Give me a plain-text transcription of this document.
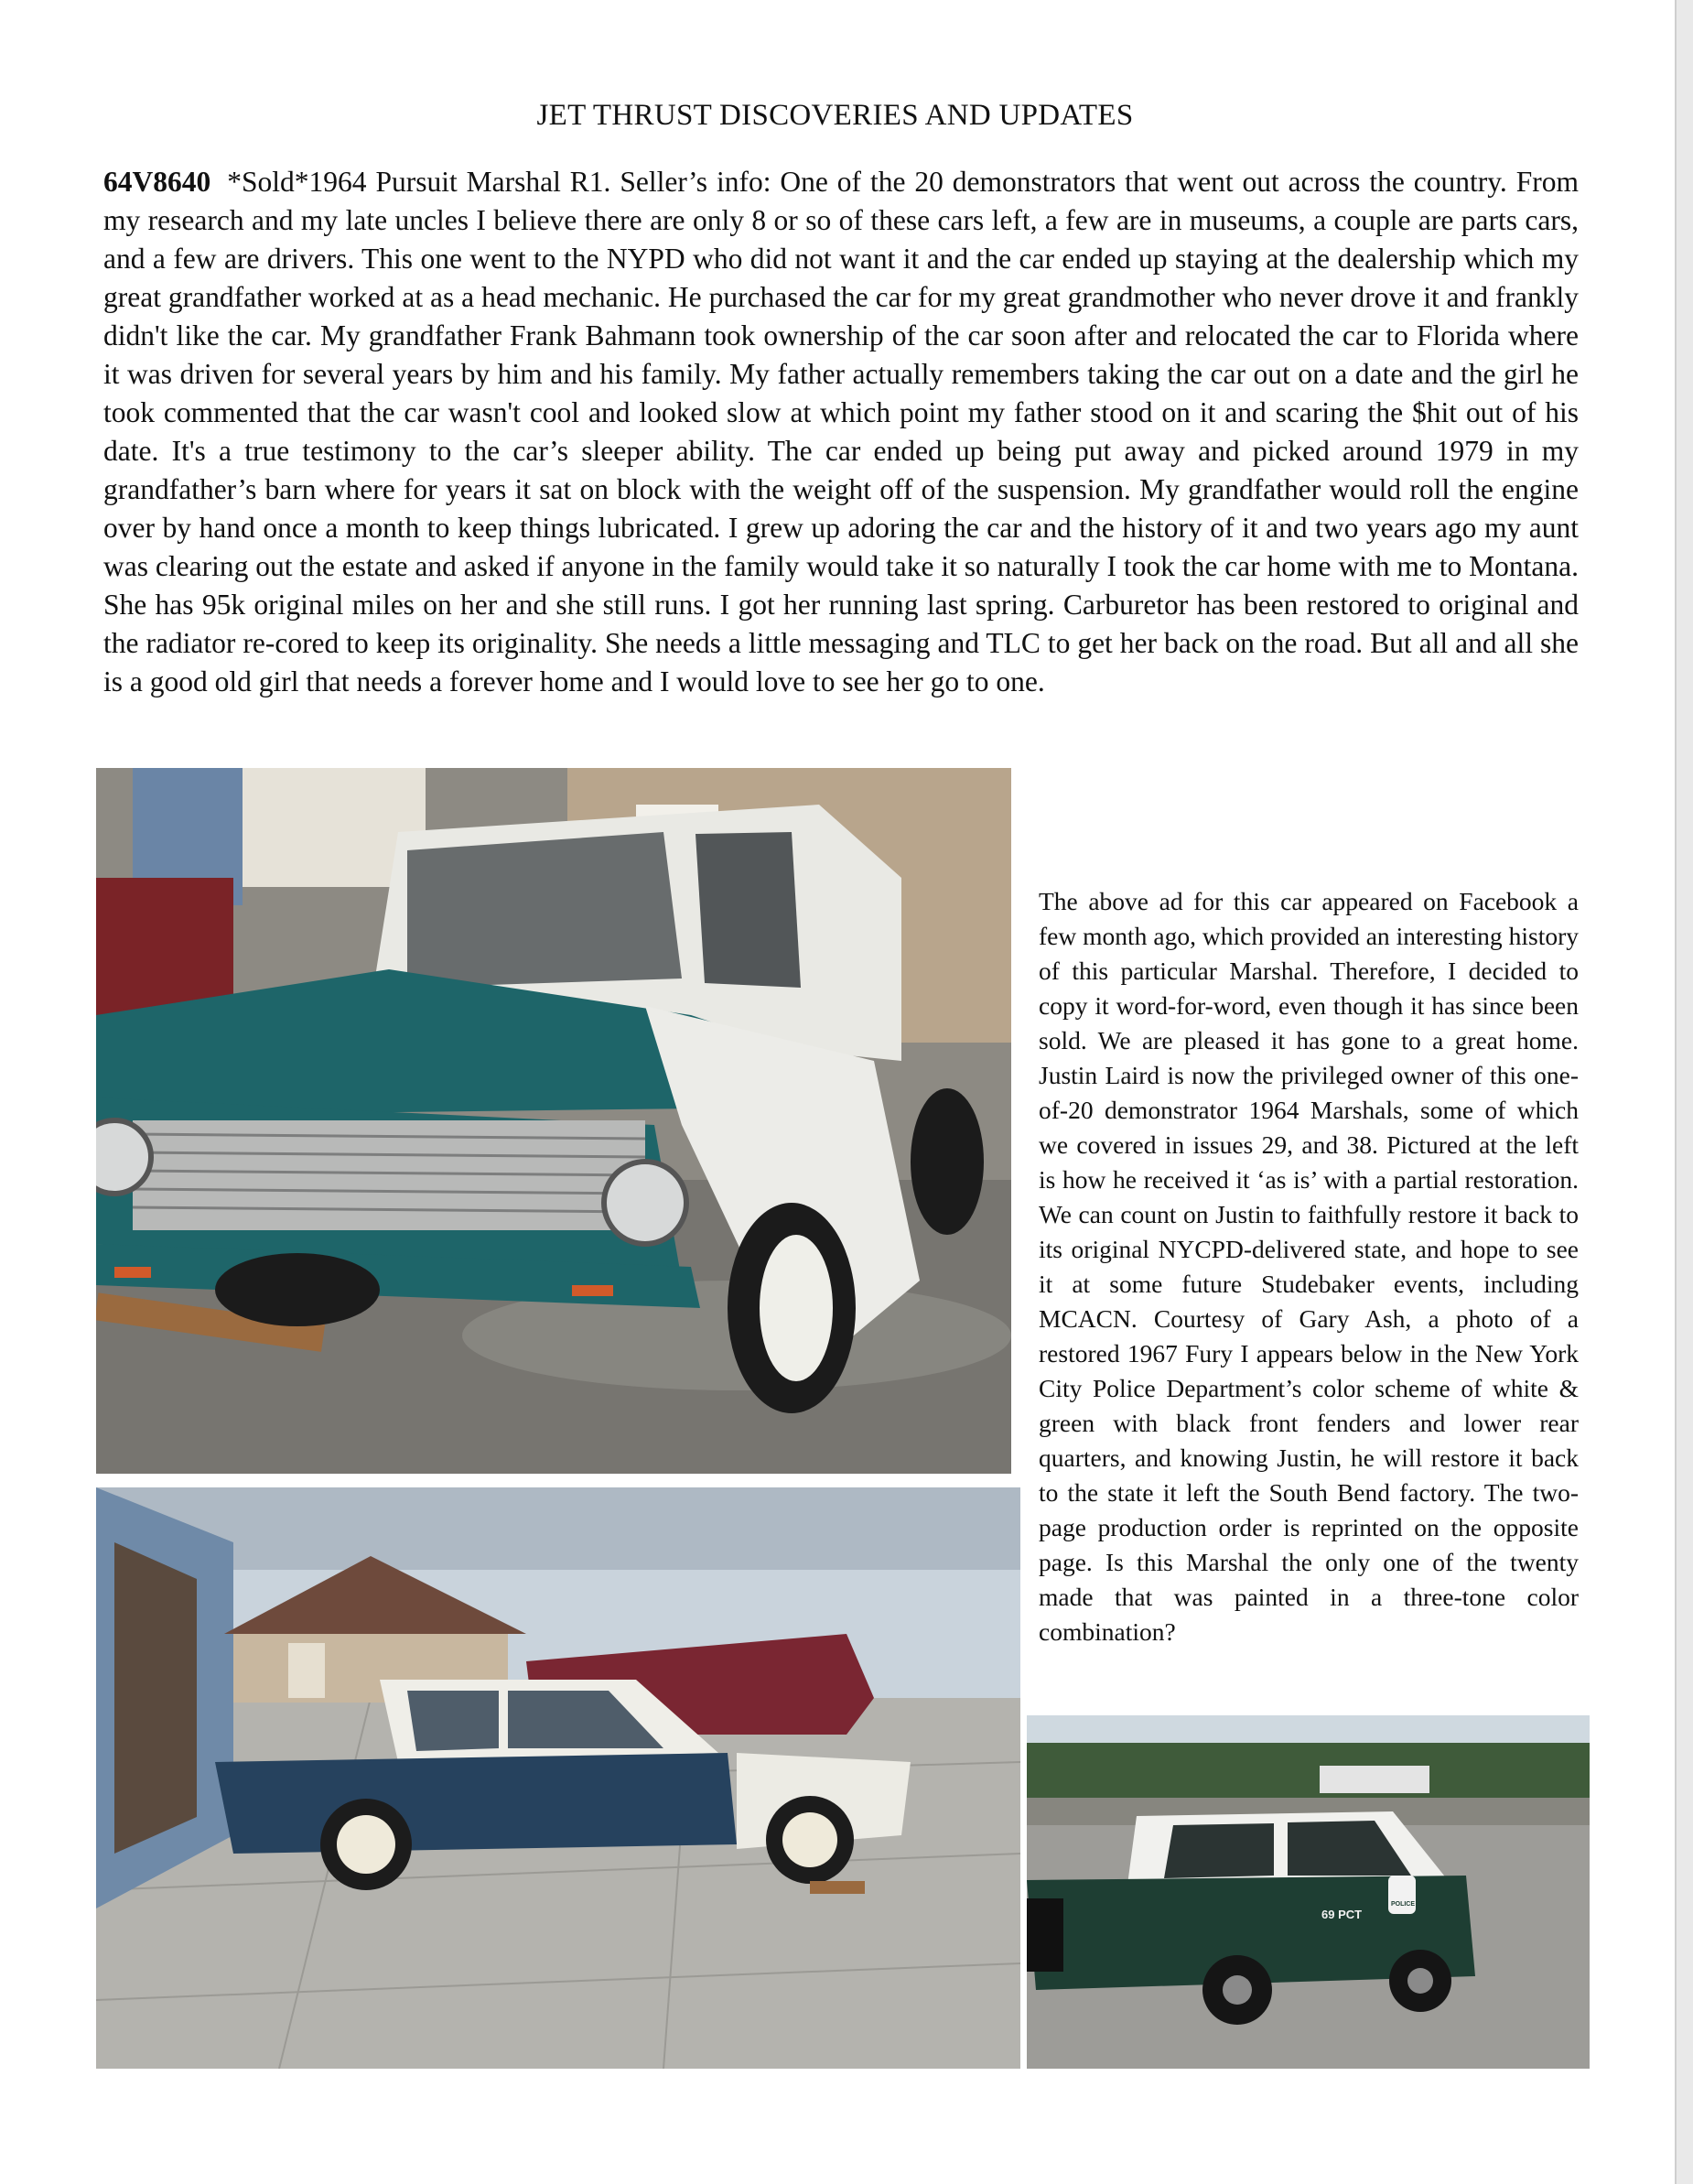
JET THRUST DISCOVERIES AND UPDATES
64V8640 *Sold*1964 Pursuit Marshal R1. Seller’s info: One of the 20 demonstrators that went out across the country. From my research and my late uncles I believe there are only 8 or so of these cars left, a few are in museums, a couple are parts cars, and a few are drivers. This one went to the NYPD who did not want it and the car ended up staying at the dealership which my great grandfather worked at as a head mechanic. He purchased the car for my great grandmother who never drove it and frankly didn't like the car. My grandfather Frank Bahmann took ownership of the car soon after and relocated the car to Florida where it was driven for several years by him and his family. My father actually remembers taking the car out on a date and the girl he took commented that the car wasn't cool and looked slow at which point my father stood on it and scaring the $hit out of his date. It's a true testimony to the car’s sleeper ability. The car ended up being put away and picked around 1979 in my grandfather’s barn where for years it sat on block with the weight off of the suspension. My grandfather would roll the engine over by hand once a month to keep things lubricated. I grew up adoring the car and the history of it and two years ago my aunt was clearing out the estate and asked if anyone in the family would take it so naturally I took the car home with me to Montana. She has 95k original miles on her and she still runs. I got her running last spring. Carburetor has been restored to original and the radiator re-cored to keep its originality. She needs a little messaging and TLC to get her back on the road. But all and all she is a good old girl that needs a forever home and I would love to see her go to one.
69 PCT
POLICE
The above ad for this car appeared on Facebook a few month ago, which provided an interesting history of this particular Marshal. Therefore, I decided to copy it word-for-word, even though it has since been sold. We are pleased it has gone to a great home. Justin Laird is now the privileged owner of this one-of-20 demonstrator 1964 Marshals, some of which we covered in issues 29, and 38. Pictured at the left is how he received it ‘as is’ with a partial restoration. We can count on Justin to faithfully restore it back to its original NYCPD-delivered state, and hope to see it at some future Studebaker events, including MCACN. Courtesy of Gary Ash, a photo of a restored 1967 Fury I appears below in the New York City Police Department’s color scheme of white & green with black front fenders and lower rear quarters, and knowing Justin, he will restore it back to the state it left the South Bend factory. The two-page production order is reprinted on the opposite page. Is this Marshal the only one of the twenty made that was painted in a three-tone color combination?
